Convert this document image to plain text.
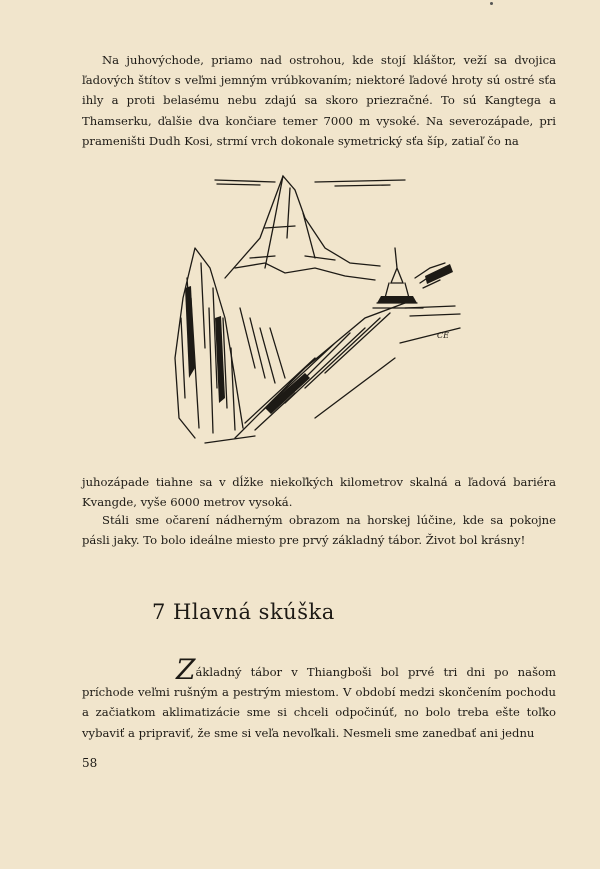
Na juhovýchode, priamo nad ostrohou, kde stojí kláštor, veží sa dvojica ľadových štítov s veľmi jemným vrúbkovaním; niektoré ľadové hroty sú ostré sťa ihly a proti belasému nebu zdajú sa skoro priezračné. To sú Kangtega a Thamserku, ďalšie dva končiare temer 7000 m vysoké. Na severozápade, pri prameništi Dudh Kosi, strmí vrch dokonale symetrický sťa šíp, zatiaľ čo na

CE

juhozápade tiahne sa v dĺžke niekoľkých kilometrov skalná a ľadová bariéra Kvangde, vyše 6000 metrov vysoká.

Stáli sme očarení nádherným obrazom na horskej lúčine, kde sa pokojne pásli jaky. To bolo ideálne miesto pre prvý základný tábor. Život bol krásny!

7 Hlavná skúška

Základný tábor v Thiangboši bol prvé tri dni po našom príchode veľmi rušným a pestrým miestom. V období medzi skončením pochodu a začiatkom aklimatizácie sme si chceli odpočinúť, no bolo treba ešte toľko vybaviť a pripraviť, že sme si veľa nevoľkali. Nesmeli sme zanedbať ani jednu

58
